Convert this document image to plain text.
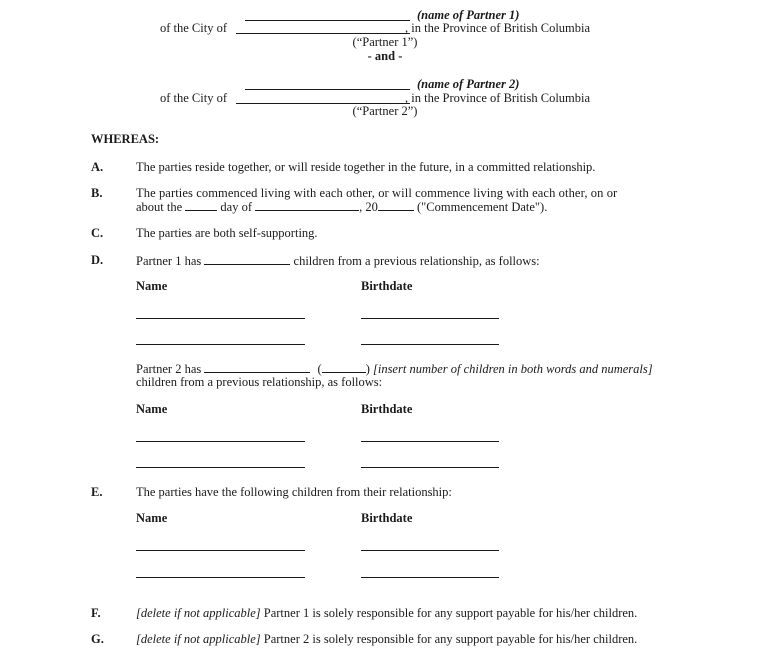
(name of Partner 1)
of the City of	, in the Province of British Columbia
(“Partner 1”)
- and -
(name of Partner 2)
of the City of	, in the Province of British Columbia
(“Partner 2”)
WHEREAS:
A.	The parties reside together, or will reside together in the future, in a committed relationship.
B.	The parties commenced living with each other, or will commence living with each other, on or
about the	day of	, 20	("Commencement Date").
C.	The parties are both self-supporting.
D.	Partner 1 has	children from a previous relationship, as follows:
Name	Birthdate
Partner 2 has	(	) [insert number of children in both words and numerals]
children from a previous relationship, as follows:
Name	Birthdate
E.	The parties have the following children from their relationship:
Name	Birthdate
F.	[delete if not applicable] Partner 1 is solely responsible for any support payable for his/her children.
G.	[delete if not applicable] Partner 2 is solely responsible for any support payable for his/her children.
